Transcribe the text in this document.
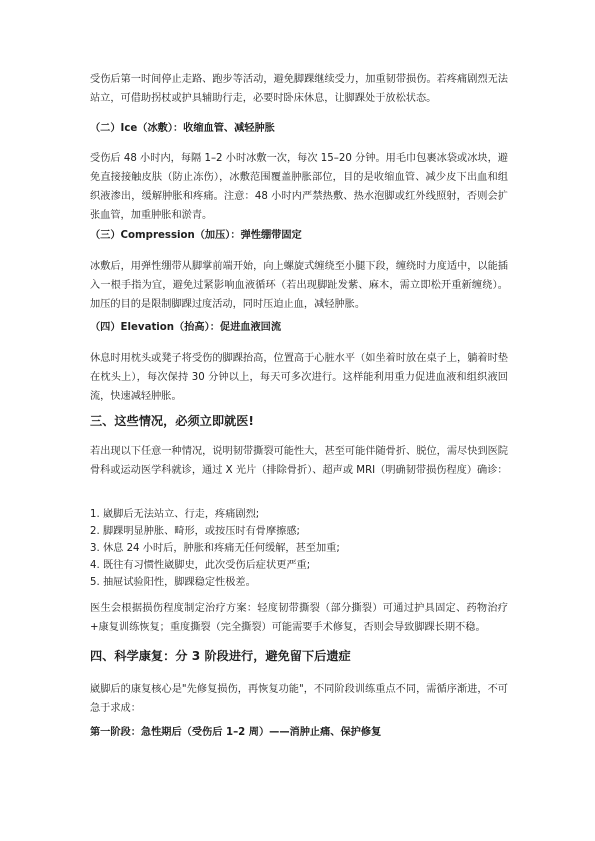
受伤后第一时间停止走路、跑步等活动，避免脚踝继续受力，加重韧带损伤。若疼痛剧烈无法站立，可借助拐杖或护具辅助行走，必要时卧床休息，让脚踝处于放松状态。
（二）Ice（冰敷）：收缩血管、减轻肿胀
受伤后 48 小时内，每隔 1–2 小时冰敷一次，每次 15–20 分钟。用毛巾包裹冰袋或冰块，避免直接接触皮肤（防止冻伤），冰敷范围覆盖肿胀部位，目的是收缩血管、减少皮下出血和组织液渗出，缓解肿胀和疼痛。注意：48 小时内严禁热敷、热水泡脚或红外线照射，否则会扩张血管，加重肿胀和淤青。
（三）Compression（加压）：弹性绷带固定
冰敷后，用弹性绷带从脚掌前端开始，向上螺旋式缠绕至小腿下段，缠绕时力度适中，以能插入一根手指为宜，避免过紧影响血液循环（若出现脚趾发紫、麻木，需立即松开重新缠绕）。加压的目的是限制脚踝过度活动，同时压迫止血，减轻肿胀。
（四）Elevation（抬高）：促进血液回流
休息时用枕头或凳子将受伤的脚踝抬高，位置高于心脏水平（如坐着时放在桌子上，躺着时垫在枕头上），每次保持 30 分钟以上，每天可多次进行。这样能利用重力促进血液和组织液回流，快速减轻肿胀。
三、这些情况，必须立即就医!
若出现以下任意一种情况，说明韧带撕裂可能性大，甚至可能伴随骨折、脱位，需尽快到医院骨科或运动医学科就诊，通过 X 光片（排除骨折）、超声或 MRI（明确韧带损伤程度）确诊：
1. 崴脚后无法站立、行走，疼痛剧烈;
2. 脚踝明显肿胀、畸形，或按压时有骨摩擦感;
3. 休息 24 小时后，肿胀和疼痛无任何缓解，甚至加重;
4. 既往有习惯性崴脚史，此次受伤后症状更严重;
5. 抽屉试验阳性，脚踝稳定性极差。
医生会根据损伤程度制定治疗方案：轻度韧带撕裂（部分撕裂）可通过护具固定、药物治疗+康复训练恢复；重度撕裂（完全撕裂）可能需要手术修复，否则会导致脚踝长期不稳。
四、科学康复：分 3 阶段进行，避免留下后遗症
崴脚后的康复核心是"先修复损伤，再恢复功能"，不同阶段训练重点不同，需循序渐进，不可急于求成：
第一阶段：急性期后（受伤后 1–2 周）——消肿止痛、保护修复
